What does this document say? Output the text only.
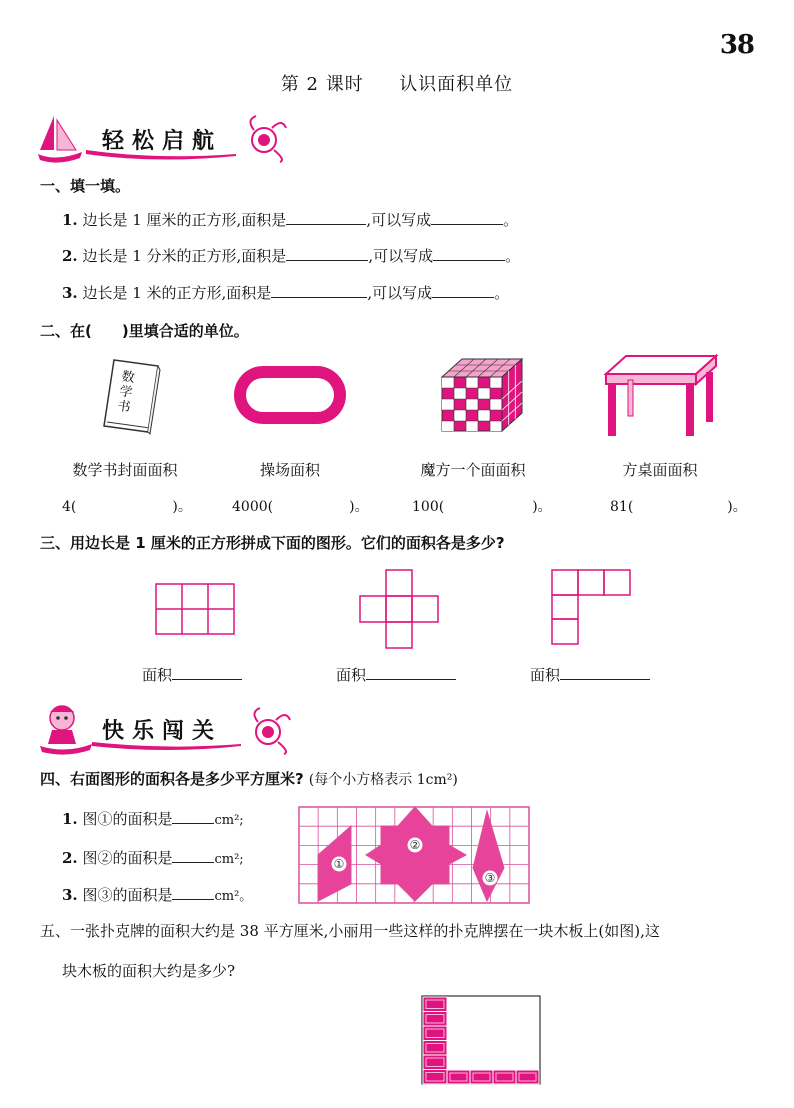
38
第 2 课时 认识面积单位
轻松启航
一、填一填。
1. 边长是 1 厘米的正方形,面积是	,可以写成	。
2. 边长是 1 分米的正方形,面积是	,可以写成	。
3. 边长是 1 米的正方形,面积是	,可以写成	。
二、在(　　)里填合适的单位。
数学书
数学书封面面积	操场面积	魔方一个面面积	方桌面面积
4(	)。	4000(	)。	100(	)。	81(	)。
三、用边长是 1 厘米的正方形拼成下面的图形。它们的面积各是多少?
面积	面积	面积
快乐闯关
四、右面图形的面积各是多少平方厘米? (每个小方格表示 1cm²)
1. 图①的面积是	cm²;
2. 图②的面积是	cm²;
3. 图③的面积是	cm²。
①
②
③
五、一张扑克牌的面积大约是 38 平方厘米,小丽用一些这样的扑克牌摆在一块木板上(如图),这
块木板的面积大约是多少?
